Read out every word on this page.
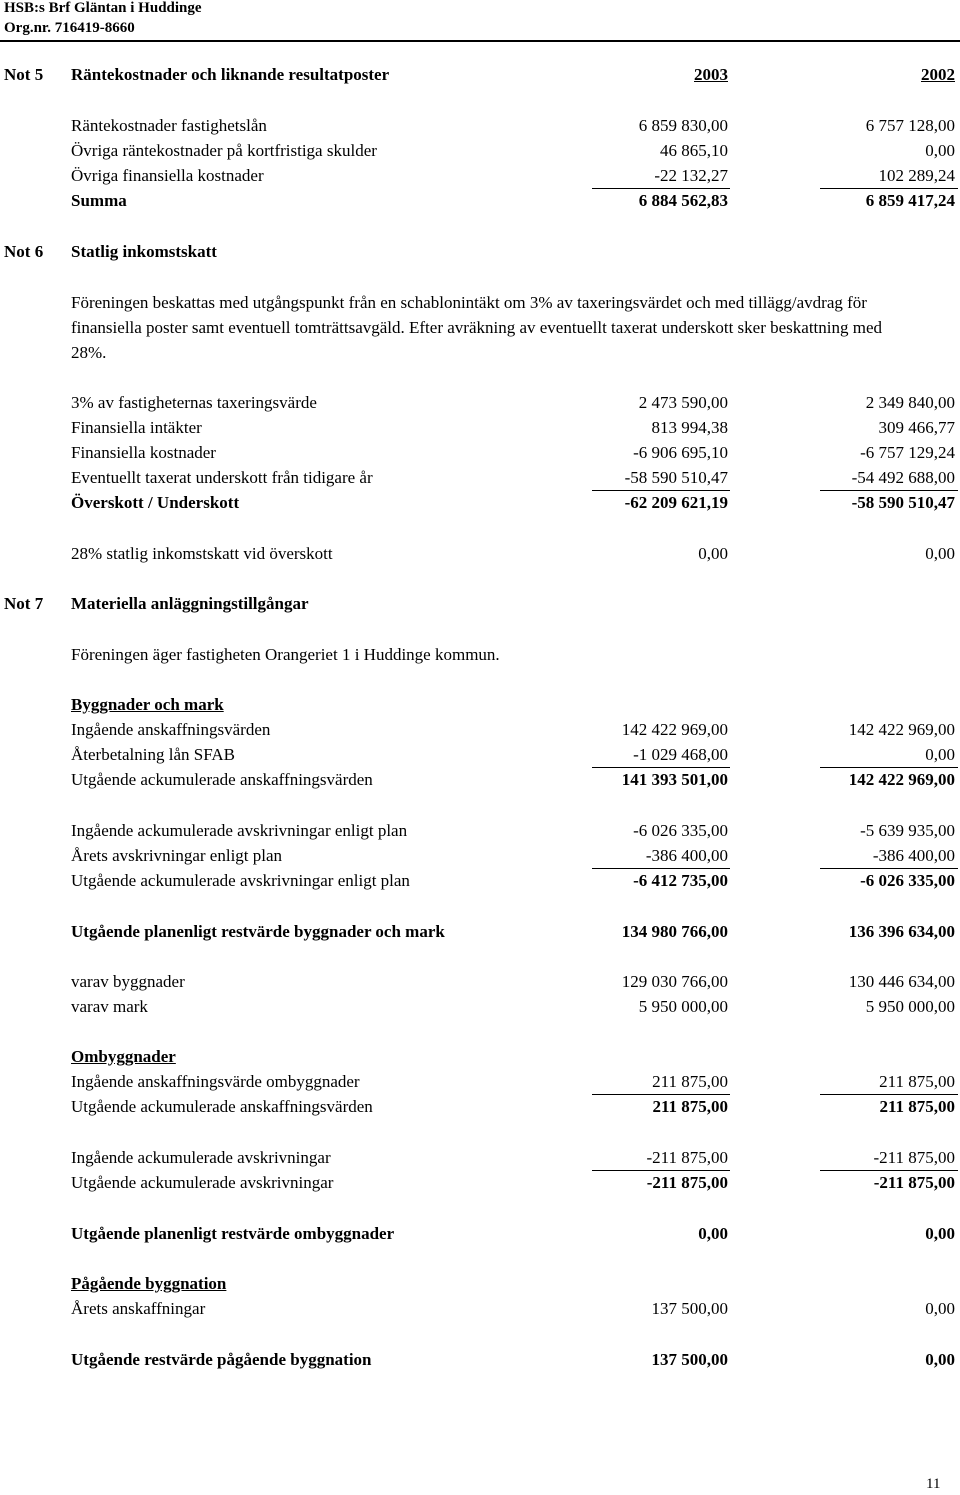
HSB:s Brf Gläntan i Huddinge
Org.nr. 716419-8660
Not 5 Räntekostnader och liknande resultatposter	2003	2002
Räntekostnader fastighetslån	6 859 830,00	6 757 128,00
Övriga räntekostnader på kortfristiga skulder	46 865,10	0,00
Övriga finansiella kostnader	-22 132,27	102 289,24
Summa	6 884 562,83	6 859 417,24
Not 6 Statlig inkomstskatt
Föreningen beskattas med utgångspunkt från en schablonintäkt om 3% av taxeringsvärdet och med tillägg/avdrag för finansiella poster samt eventuell tomträttsavgäld. Efter avräkning av eventuellt taxerat underskott sker beskattning med 28%.
3% av fastigheternas taxeringsvärde	2 473 590,00	2 349 840,00
Finansiella intäkter	813 994,38	309 466,77
Finansiella kostnader	-6 906 695,10	-6 757 129,24
Eventuellt taxerat underskott från tidigare år	-58 590 510,47	-54 492 688,00
Överskott / Underskott	-62 209 621,19	-58 590 510,47
28% statlig inkomstskatt vid överskott	0,00	0,00
Not 7 Materiella anläggningstillgångar
Föreningen äger fastigheten Orangeriet 1 i Huddinge kommun.
Byggnader och mark
Ingående anskaffningsvärden	142 422 969,00	142 422 969,00
Återbetalning lån SFAB	-1 029 468,00	0,00
Utgående ackumulerade anskaffningsvärden	141 393 501,00	142 422 969,00
Ingående ackumulerade avskrivningar enligt plan	-6 026 335,00	-5 639 935,00
Årets avskrivningar enligt plan	-386 400,00	-386 400,00
Utgående ackumulerade avskrivningar enligt plan	-6 412 735,00	-6 026 335,00
Utgående planenligt restvärde byggnader och mark	134 980 766,00	136 396 634,00
varav byggnader	129 030 766,00	130 446 634,00
varav mark	5 950 000,00	5 950 000,00
Ombyggnader
Ingående anskaffningsvärde ombyggnader	211 875,00	211 875,00
Utgående ackumulerade anskaffningsvärden	211 875,00	211 875,00
Ingående ackumulerade avskrivningar	-211 875,00	-211 875,00
Utgående ackumulerade avskrivningar	-211 875,00	-211 875,00
Utgående planenligt restvärde ombyggnader	0,00	0,00
Pågående byggnation
Årets anskaffningar	137 500,00	0,00
Utgående restvärde pågående byggnation	137 500,00	0,00
11
